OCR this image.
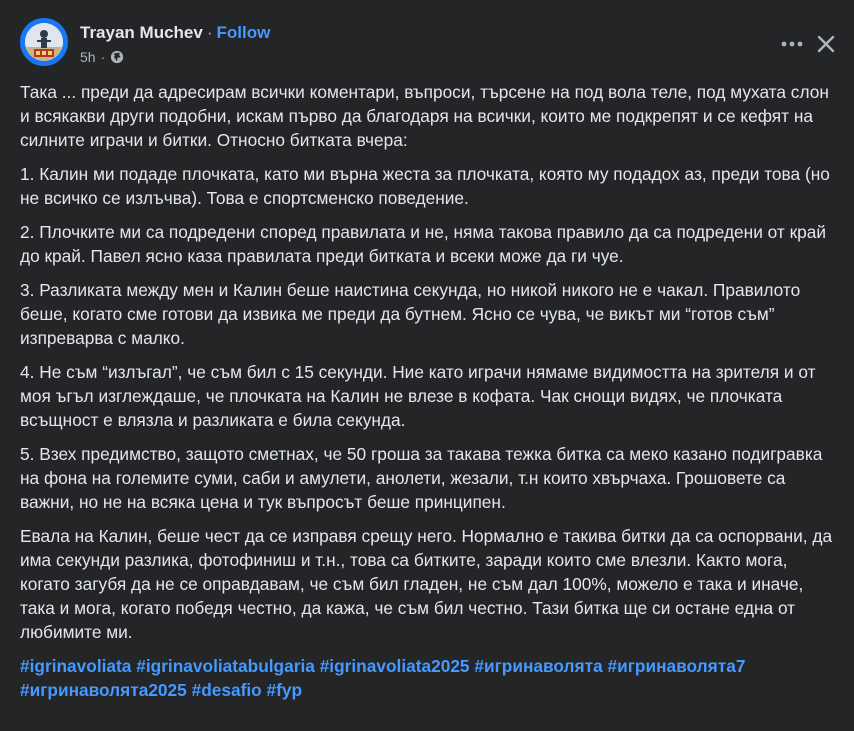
Trayan Muchev · Follow
5h ·

Така ... преди да адресирам всички коментари, въпроси, търсене на под вола теле, под мухата слон и всякакви други подобни, искам първо да благодаря на всички, които ме подкрепят и се кефят на силните играчи и битки. Относно битката вчера:

1. Калин ми подаде плочката, като ми върна жеста за плочката, която му подадох аз, преди това (но не всичко се излъчва). Това е спортсменско поведение.

2. Плочките ми са подредени според правилата и не, няма такова правило да са подредени от край до край. Павел ясно каза правилата преди битката и всеки може да ги чуе.

3. Разликата между мен и Калин беше наистина секунда, но никой никого не е чакал. Правилото беше, когато сме готови да извика ме преди да бутнем. Ясно се чува, че викът ми “готов съм” изпреварва с малко.

4. Не съм “излъгал”, че съм бил с 15 секунди. Ние като играчи нямаме видимостта на зрителя и от моя ъгъл изглеждаше, че плочката на Калин не влезе в кофата. Чак снощи видях, че плочката всъщност е влязла и разликата е била секунда.

5. Взех предимство, защото сметнах, че 50 гроша за такава тежка битка са меко казано подигравка на фона на големите суми, саби и амулети, анолети, жезали, т.н които хвърчаха. Грошовете са важни, но не на всяка цена и тук въпросът беше принципен.

Евала на Калин, беше чест да се изправя срещу него. Нормално е такива битки да са оспорвани, да има секунди разлика, фотофиниш и т.н., това са битките, заради които сме влезли. Както мога, когато загубя да не се оправдавам, че съм бил гладен, не съм дал 100%, можело е така и иначе, така и мога, когато победя честно, да кажа, че съм бил честно. Тази битка ще си остане една от любимите ми.

#igrinavoliata #igrinavoliatabulgaria #igrinavoliata2025 #игринаволята #игринаволята7 #игринаволята2025 #desafio #fyp
